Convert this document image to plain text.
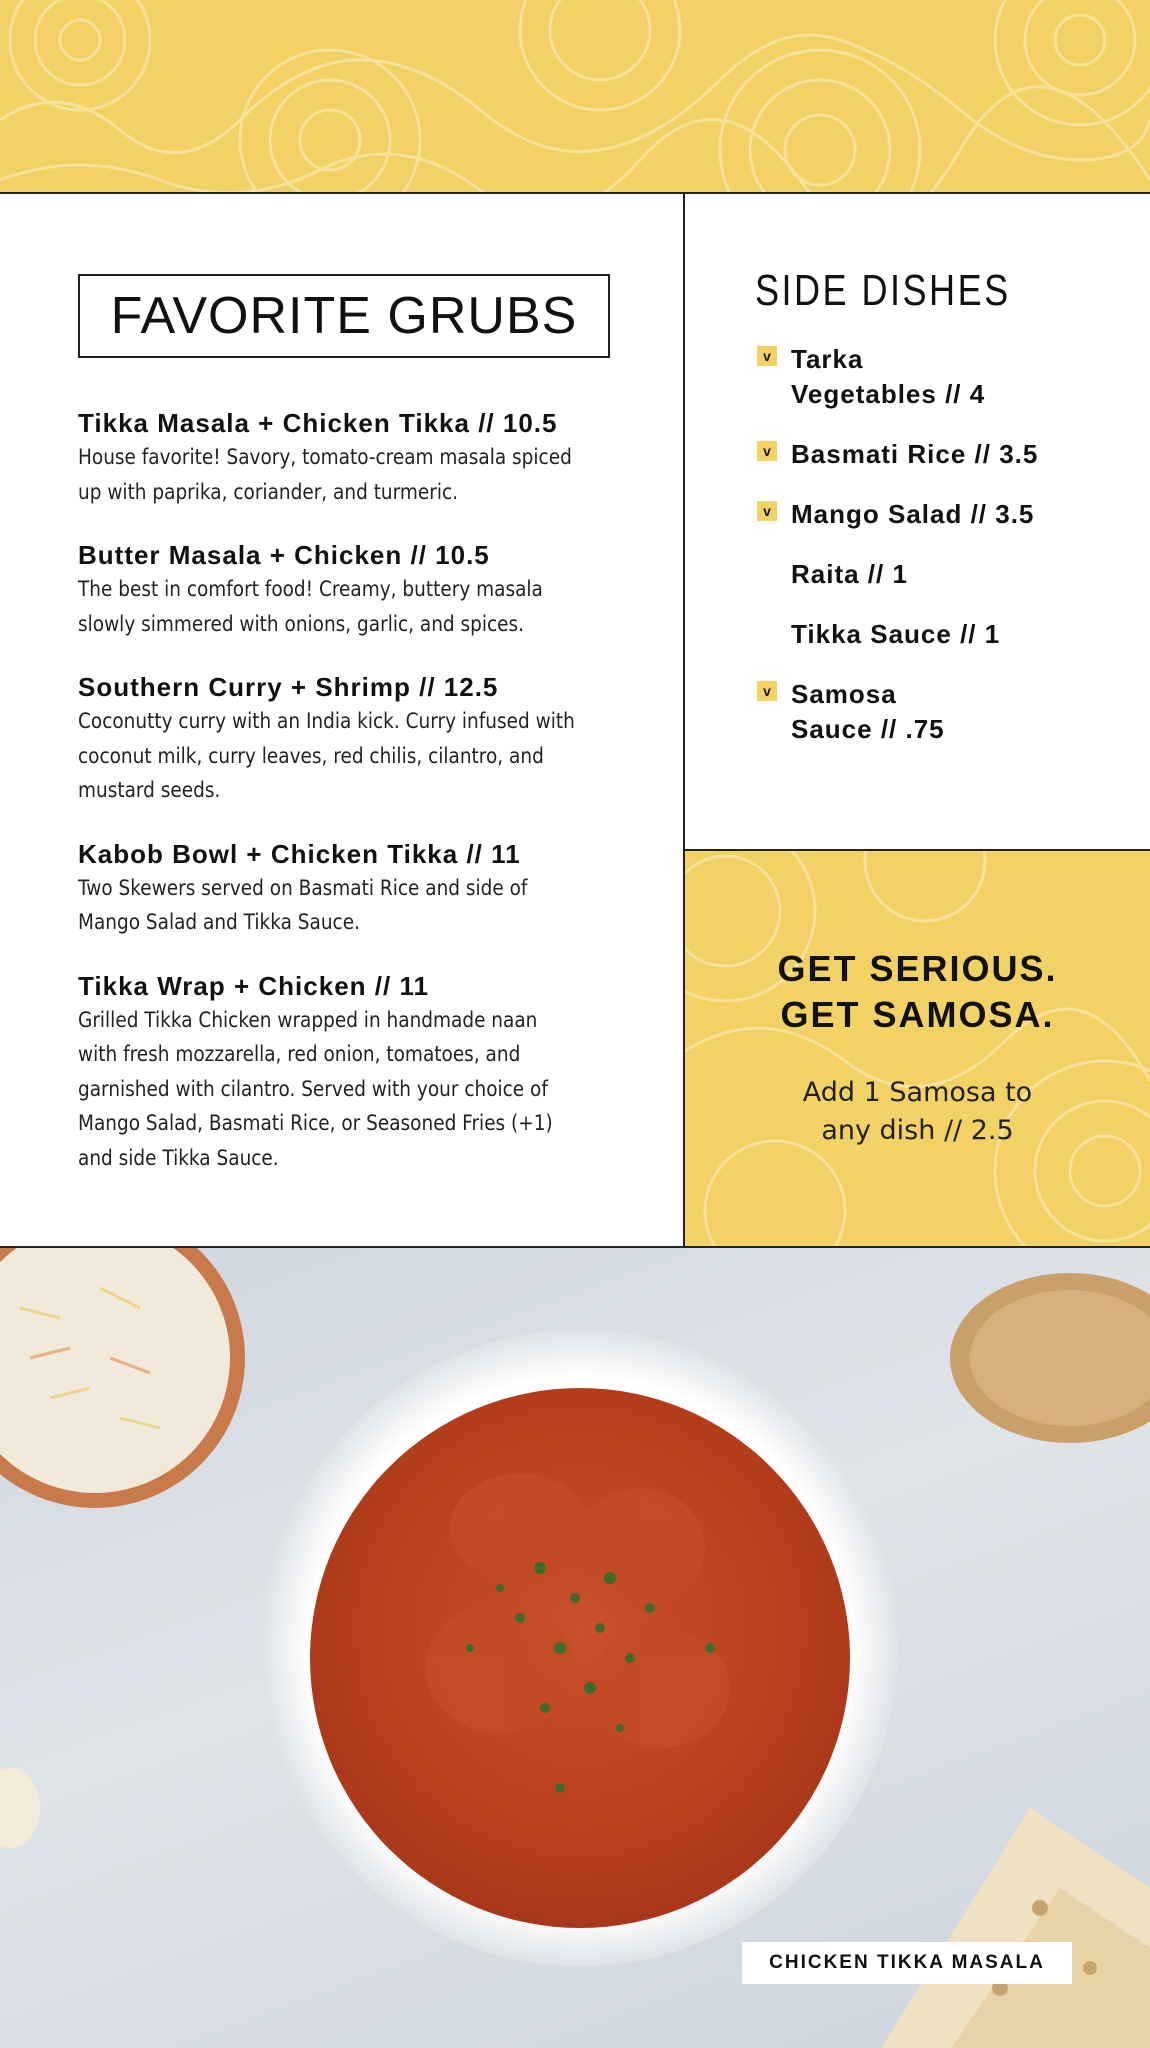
FAVORITE GRUBS
Tikka Masala + Chicken Tikka // 10.5
House favorite! Savory, tomato-cream masala spiced
up with paprika, coriander, and turmeric.
Butter Masala + Chicken // 10.5
The best in comfort food! Creamy, buttery masala
slowly simmered with onions, garlic, and spices.
Southern Curry + Shrimp // 12.5
Coconutty curry with an India kick. Curry infused with
coconut milk, curry leaves, red chilis, cilantro, and
mustard seeds.
Kabob Bowl + Chicken Tikka // 11
Two Skewers served on Basmati Rice and side of
Mango Salad and Tikka Sauce.
Tikka Wrap + Chicken // 11
Grilled Tikka Chicken wrapped in handmade naan
with fresh mozzarella, red onion, tomatoes, and
garnished with cilantro. Served with your choice of
Mango Salad, Basmati Rice, or Seasoned Fries (+1)
and side Tikka Sauce.
SIDE DISHES
v Tarka
Vegetables // 4
v Basmati Rice // 3.5
v Mango Salad // 3.5
Raita // 1
Tikka Sauce // 1
v Samosa
Sauce // .75
GET SERIOUS.
GET SAMOSA.
Add 1 Samosa to
any dish // 2.5
CHICKEN TIKKA MASALA
